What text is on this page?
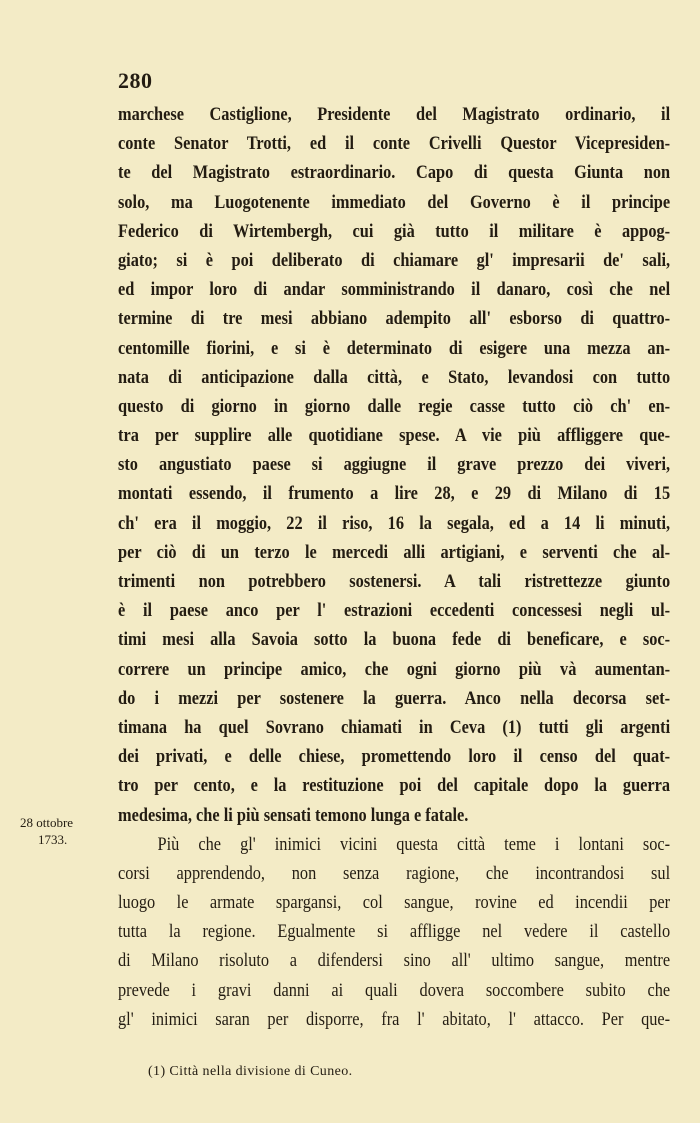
280
marchese Castiglione, Presidente del Magistrato ordinario, il
conte Senator Trotti, ed il conte Crivelli Questor Vicepresiden-
te del Magistrato estraordinario. Capo di questa Giunta non
solo, ma Luogotenente immediato del Governo è il principe
Federico di Wirtembergh, cui già tutto il militare è appog-
giato; si è poi deliberato di chiamare gl' impresarii de' sali,
ed impor loro di andar somministrando il danaro, così che nel
termine di tre mesi abbiano adempito all' esborso di quattro-
centomille fiorini, e si è determinato di esigere una mezza an-
nata di anticipazione dalla città, e Stato, levandosi con tutto
questo di giorno in giorno dalle regie casse tutto ciò ch' en-
tra per supplire alle quotidiane spese. A vie più affliggere que-
sto angustiato paese si aggiugne il grave prezzo dei viveri,
montati essendo, il frumento a lire 28, e 29 di Milano di 15
ch' era il moggio, 22 il riso, 16 la segala, ed a 14 li minuti,
per ciò di un terzo le mercedi alli artigiani, e serventi che al-
trimenti non potrebbero sostenersi. A tali ristrettezze giunto
è il paese anco per l' estrazioni eccedenti concessesi negli ul-
timi mesi alla Savoia sotto la buona fede di beneficare, e soc-
correre un principe amico, che ogni giorno più và aumentan-
do i mezzi per sostenere la guerra. Anco nella decorsa set-
timana ha quel Sovrano chiamati in Ceva (1) tutti gli argenti
dei privati, e delle chiese, promettendo loro il censo del quat-
tro per cento, e la restituzione poi del capitale dopo la guerra
medesima, che li più sensati temono lunga e fatale.
Più che gl' inimici vicini questa città teme i lontani soc-
corsi apprendendo, non senza ragione, che incontrandosi sul
luogo le armate spargansi, col sangue, rovine ed incendii per
tutta la regione. Egualmente si affligge nel vedere il castello
di Milano risoluto a difendersi sino all' ultimo sangue, mentre
prevede i gravi danni ai quali dovera soccombere subito che
gl' inimici saran per disporre, fra l' abitato, l' attacco. Per que-
28 ottobre
1733.
(1) Città nella divisione di Cuneo.
